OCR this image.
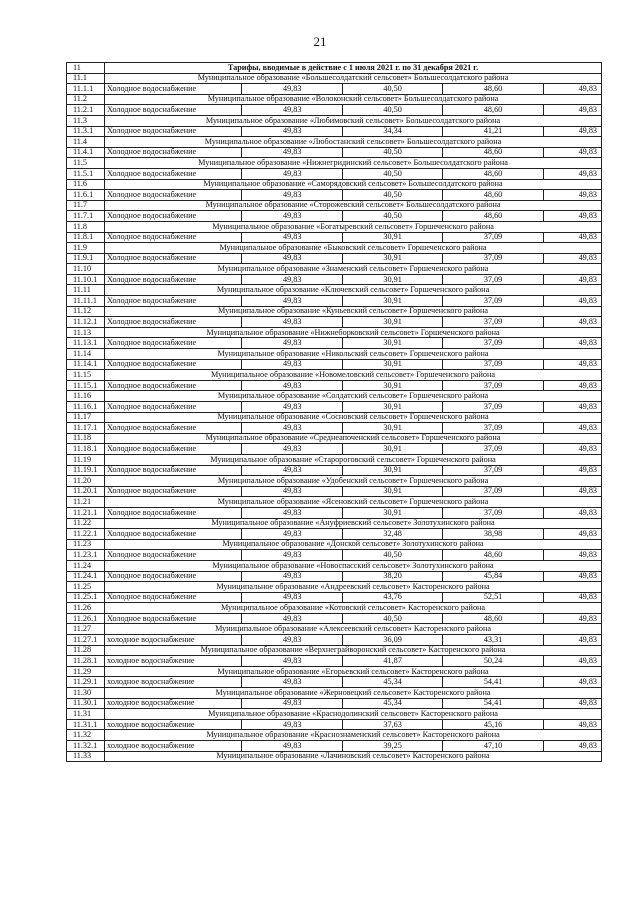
21
11	Тарифы, вводимые в действие с 1 июля 2021 г. по 31 декабря 2021 г.				
11.1	Муниципальное образование «Большесолдатский сельсовет» Большесолдатского района				
11.1.1	Холодное водоснабжение	49,83	40,50	48,60	49,83
11.2	Муниципальное образование «Волоконский сельсовет» Большесолдатского района				
11.2.1	Холодное водоснабжение	49,83	40,50	48,60	49,83
11.3	Муниципальное образование «Любимовский сельсовет» Большесолдатского района				
11.3.1	Холодное водоснабжение	49,83	34,34	41,21	49,83
11.4	Муниципальное образование «Любостанский сельсовет» Большесолдатского района				
11.4.1	Холодное водоснабжение	49,83	40,50	48,60	49,83
11.5	Муниципальное образование «Нижнегридинский сельсовет» Большесолдатского района				
11.5.1	Холодное водоснабжение	49,83	40,50	48,60	49,83
11.6	Муниципальное образование «Саморядовский сельсовет» Большесолдатского района				
11.6.1	Холодное водоснабжение	49,83	40,50	48,60	49,83
11.7	Муниципальное образование «Сторожевский сельсовет» Большесолдатского района				
11.7.1	Холодное водоснабжение	49,83	40,50	48,60	49,83
11.8	Муниципальное образование «Богатыревский сельсовет» Горшеченского района				
11.8.1	Холодное водоснабжение	49,83	30,91	37,09	49,83
11.9	Муниципальное образование «Быковский сельсовет» Горшеченского района				
11.9.1	Холодное водоснабжение	49,83	30,91	37,09	49,83
11.10	Муниципальное образование «Знаменский сельсовет» Горшеченского района				
11.10.1	Холодное водоснабжение	49,83	30,91	37,09	49,83
11.11	Муниципальное образование «Ключевский сельсовет» Горшеченского района				
11.11.1	Холодное водоснабжение	49,83	30,91	37,09	49,83
11.12	Муниципальное образование «Куньевский сельсовет» Горшеченского района				
11.12.1	Холодное водоснабжение	49,83	30,91	37,09	49,83
11.13	Муниципальное образование «Нижнеборковский сельсовет» Горшеченского района				
11.13.1	Холодное водоснабжение	49,83	30,91	37,09	49,83
11.14	Муниципальное образование «Никольский сельсовет» Горшеченского района				
11.14.1	Холодное водоснабжение	49,83	30,91	37,09	49,83
11.15	Муниципальное образование «Новомеловский сельсовет» Горшеченского района				
11.15.1	Холодное водоснабжение	49,83	30,91	37,09	49,83
11.16	Муниципальное образование «Солдатский сельсовет» Горшеченского района				
11.16.1	Холодное водоснабжение	49,83	30,91	37,09	49,83
11.17	Муниципальное образование «Сосновский сельсовет» Горшеченского района				
11.17.1	Холодное водоснабжение	49,83	30,91	37,09	49,83
11.18	Муниципальное образование «Среднеапоченский сельсовет» Горшеченского района				
11.18.1	Холодное водоснабжение	49,83	30,91	37,09	49,83
11.19	Муниципальное образование «Старороговский сельсовет» Горшеченского района				
11.19.1	Холодное водоснабжение	49,83	30,91	37,09	49,83
11.20	Муниципальное образование «Удобенский сельсовет» Горшеченского района				
11.20.1	Холодное водоснабжение	49,83	30,91	37,09	49,83
11.21	Муниципальное образование «Ясеновский сельсовет» Горшеченского района				
11.21.1	Холодное водоснабжение	49,83	30,91	37,09	49,83
11.22	Муниципальное образование «Ануфриевский сельсовет» Золотухинского района				
11.22.1	Холодное водоснабжение	49,83	32,48	38,98	49,83
11.23	Муниципальное образование «Донской сельсовет» Золотухинского района				
11.23.1	Холодное водоснабжение	49,83	40,50	48,60	49,83
11.24	Муниципальное образование «Новоспасский сельсовет» Золотухинского района				
11.24.1	Холодное водоснабжение	49,83	38,20	45,84	49,83
11.25	Муниципальное образование «Андреевский сельсовет» Касторенского района				
11.25.1	Холодное водоснабжение	49,83	43,76	52,51	49,83
11.26	Муниципальное образование «Котовский сельсовет» Касторенского района				
11.26.1	Холодное водоснабжение	49,83	40,50	48,60	49,83
11.27	Муниципальное образование «Алексеевский сельсовет» Касторенского района				
11.27.1	холодное водоснабжение	49,83	36,09	43,31	49,83
11.28	Муниципальное образование «Верхнеграйворонский сельсовет» Касторенского района				
11.28.1	холодное водоснабжение	49,83	41,87	50,24	49,83
11.29	Муниципальное образование «Егорьевский сельсовет» Касторенского района				
11.29.1	холодное водоснабжение	49,83	45,34	54,41	49,83
11.30	Муниципальное образование «Жерновецкий сельсовет» Касторенского района				
11.30.1	холодное водоснабжение	49,83	45,34	54,41	49,83
11.31	Муниципальное образование «Краснодолинский сельсовет» Касторенского района				
11.31.1	холодное водоснабжение	49,83	37,63	45,16	49,83
11.32	Муниципальное образование «Краснознаменский сельсовет» Касторенского района				
11.32.1	холодное водоснабжение	49,83	39,25	47,10	49,83
11.33	Муниципальное образование «Лачиновский сельсовет» Касторенского района				
